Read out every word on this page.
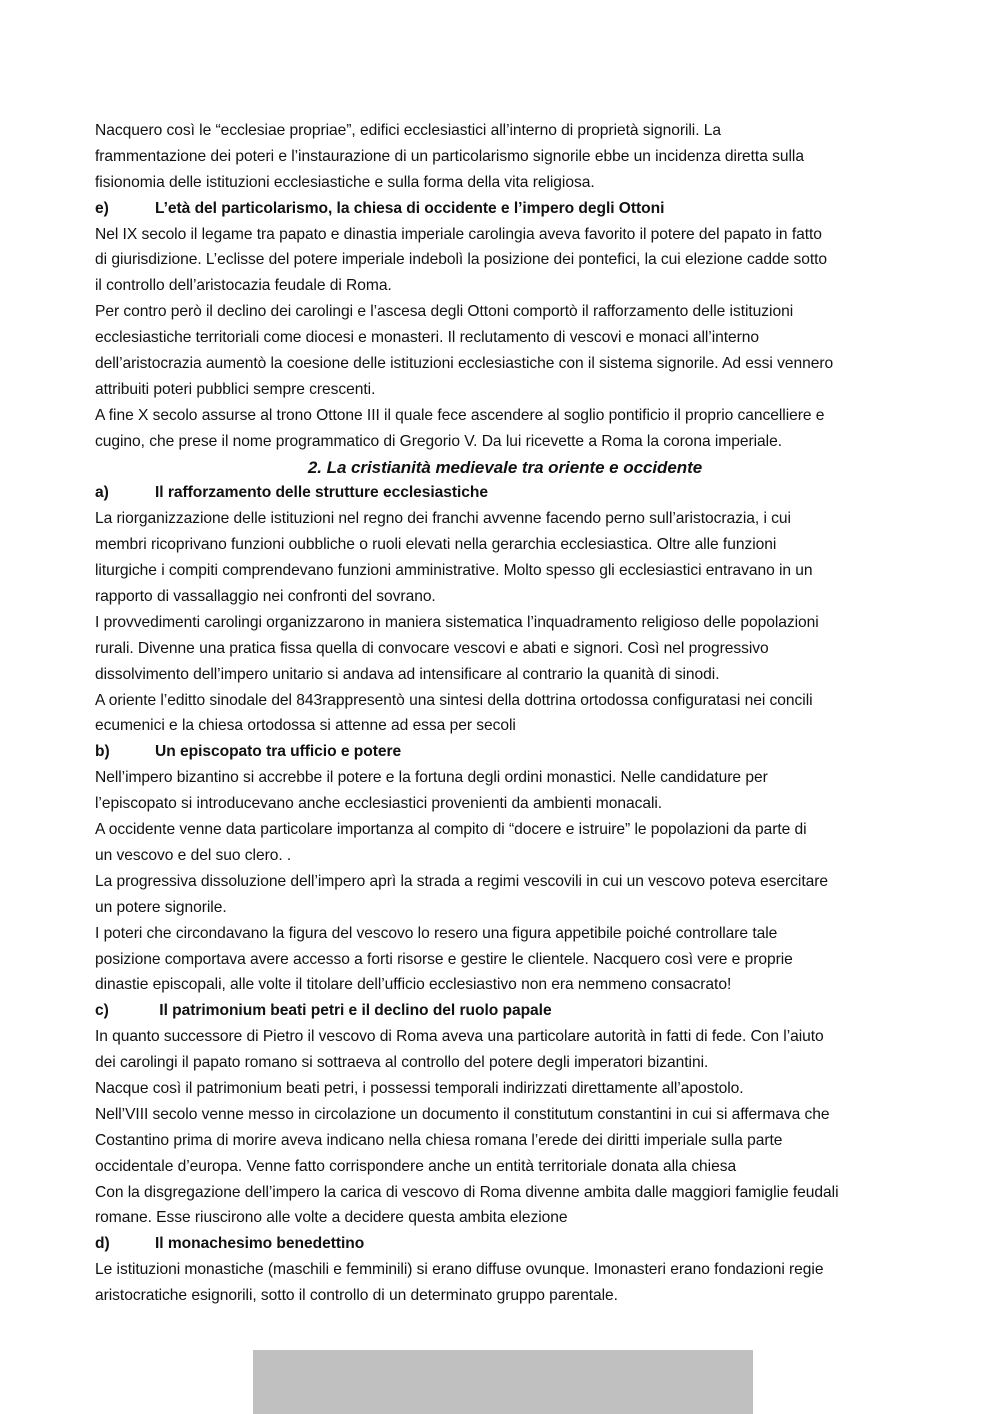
Nacquero così le “ecclesiae propriae”, edifici ecclesiastici all’interno di proprietà signorili. La
frammentazione dei poteri e l’instaurazione di un particolarismo signorile ebbe un incidenza diretta sulla
fisionomia delle istituzioni ecclesiastiche e sulla forma della vita religiosa.
e)	L’età del particolarismo, la chiesa di occidente e l’impero degli Ottoni
Nel IX secolo il legame tra papato e dinastia imperiale carolingia aveva favorito il potere del papato in fatto
di giurisdizione. L’eclisse del potere imperiale indebolì la posizione dei pontefici, la cui elezione cadde sotto
il controllo dell’aristocazia feudale di Roma.
Per contro però il declino dei carolingi e l’ascesa degli Ottoni comportò il rafforzamento delle istituzioni
ecclesiastiche territoriali come diocesi e monasteri. Il reclutamento di vescovi e monaci all’interno
dell’aristocrazia aumentò la coesione delle istituzioni ecclesiastiche con il sistema signorile. Ad essi vennero
attribuiti poteri pubblici sempre crescenti.
A fine X secolo assurse al trono Ottone III il quale fece ascendere al soglio pontificio il proprio cancelliere e
cugino, che prese il nome programmatico di Gregorio V. Da lui ricevette a Roma la corona imperiale.
2. La cristianità medievale tra oriente e occidente
a)	Il rafforzamento delle strutture ecclesiastiche
La riorganizzazione delle istituzioni nel regno dei franchi avvenne facendo perno sull’aristocrazia, i cui
membri ricoprivano funzioni oubbliche o ruoli elevati nella gerarchia ecclesiastica. Oltre alle funzioni
liturgiche i compiti comprendevano funzioni amministrative. Molto spesso gli ecclesiastici entravano in un
rapporto di vassallaggio nei confronti del sovrano.
I provvedimenti carolingi organizzarono in maniera sistematica l’inquadramento religioso delle popolazioni
rurali. Divenne una pratica fissa quella di convocare vescovi e abati e signori. Così nel progressivo
dissolvimento dell’impero unitario si andava ad intensificare al contrario la quanità di sinodi.
A oriente l’editto sinodale del 843rappresentò una sintesi della dottrina ortodossa configuratasi nei concili
ecumenici e la chiesa ortodossa si attenne ad essa per secoli
b)	Un episcopato tra ufficio e potere
Nell’impero bizantino si accrebbe il potere e la fortuna degli ordini monastici. Nelle candidature per
l’episcopato si introducevano anche ecclesiastici provenienti da ambienti monacali.
A occidente venne data particolare importanza al compito di “docere e istruire” le popolazioni da parte di
un vescovo e del suo clero. .
La progressiva dissoluzione dell’impero aprì la strada a regimi vescovili in cui un vescovo poteva esercitare
un potere signorile.
I poteri che circondavano la figura del vescovo lo resero una figura appetibile poiché controllare tale
posizione comportava avere accesso a forti risorse e gestire le clientele. Nacquero così vere e proprie
dinastie episcopali, alle volte il titolare dell’ufficio ecclesiastivo non era nemmeno consacrato!
c)	Il patrimonium beati petri e il declino del ruolo papale
In quanto successore di Pietro il vescovo di Roma aveva una particolare autorità in fatti di fede. Con l’aiuto
dei carolingi il papato romano si sottraeva al controllo del potere degli imperatori bizantini.
Nacque così il patrimonium beati petri, i possessi temporali indirizzati direttamente all’apostolo.
Nell’VIII secolo venne messo in circolazione un documento il constitutum constantini in cui si affermava che
Costantino prima di morire aveva indicano nella chiesa romana l’erede dei diritti imperiale sulla parte
occidentale d’europa. Venne fatto corrispondere anche un entità territoriale donata alla chiesa
Con la disgregazione dell’impero la carica di vescovo di Roma divenne ambita dalle maggiori famiglie feudali
romane. Esse riuscirono alle volte a decidere questa ambita elezione
d)	Il monachesimo benedettino
Le istituzioni monastiche (maschili e femminili) si erano diffuse ovunque. Imonasteri erano fondazioni regie
aristocratiche esignorili, sotto il controllo di un determinato gruppo parentale.
